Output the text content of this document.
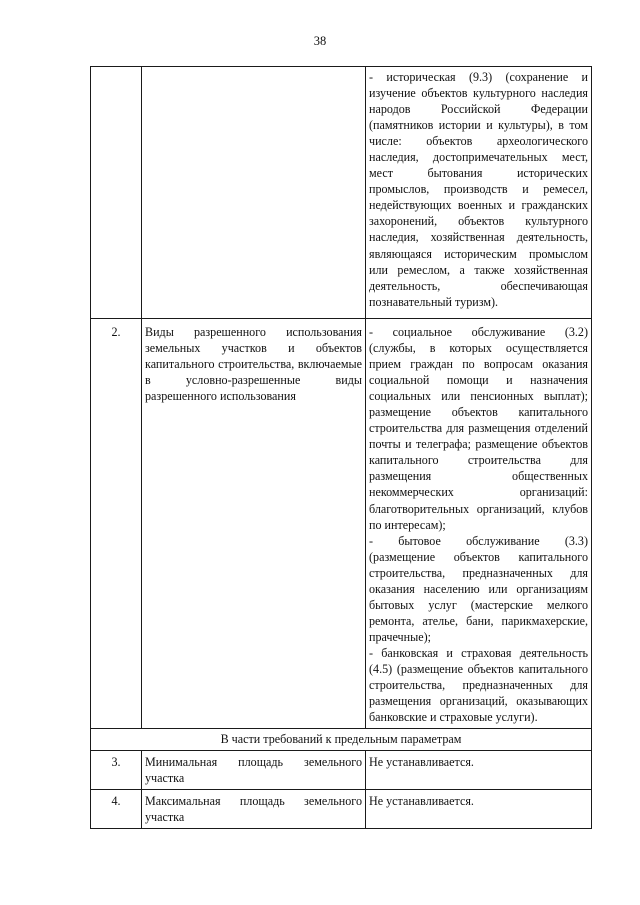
38
		- историческая (9.3) (сохранение и изучение объектов культурного наследия народов Российской Федерации (памятников истории и культуры), в том числе: объектов археологического наследия, достопримечательных мест, мест бытования исторических промыслов, производств и ремесел, недействующих военных и гражданских захоронений, объектов культурного наследия, хозяйственная деятельность, являющаяся историческим промыслом или ремеслом, а также хозяйственная деятельность, обеспечивающая познавательный туризм).
2.	Виды разрешенного использования земельных участков и объектов капитального строительства, включаемые в условно-разрешенные виды разрешенного использования	- социальное обслуживание (3.2) (службы, в которых осуществляется прием граждан по вопросам оказания социальной помощи и назначения социальных или пенсионных выплат); размещение объектов капитального строительства для размещения отделений почты и телеграфа; размещение объектов капитального строительства для размещения общественных некоммерческих организаций: благотворительных организаций, клубов по интересам);
- бытовое обслуживание (3.3) (размещение объектов капитального строительства, предназначенных для оказания населению или организациям бытовых услуг (мастерские мелкого ремонта, ателье, бани, парикмахерские, прачечные);
- банковская и страховая деятельность (4.5) (размещение объектов капитального строительства, предназначенных для размещения организаций, оказывающих банковские и страховые услуги).
В части требований к предельным параметрам		
3.	Минимальная площадь земельного участка	Не устанавливается.
4.	Максимальная площадь земельного участка	Не устанавливается.
